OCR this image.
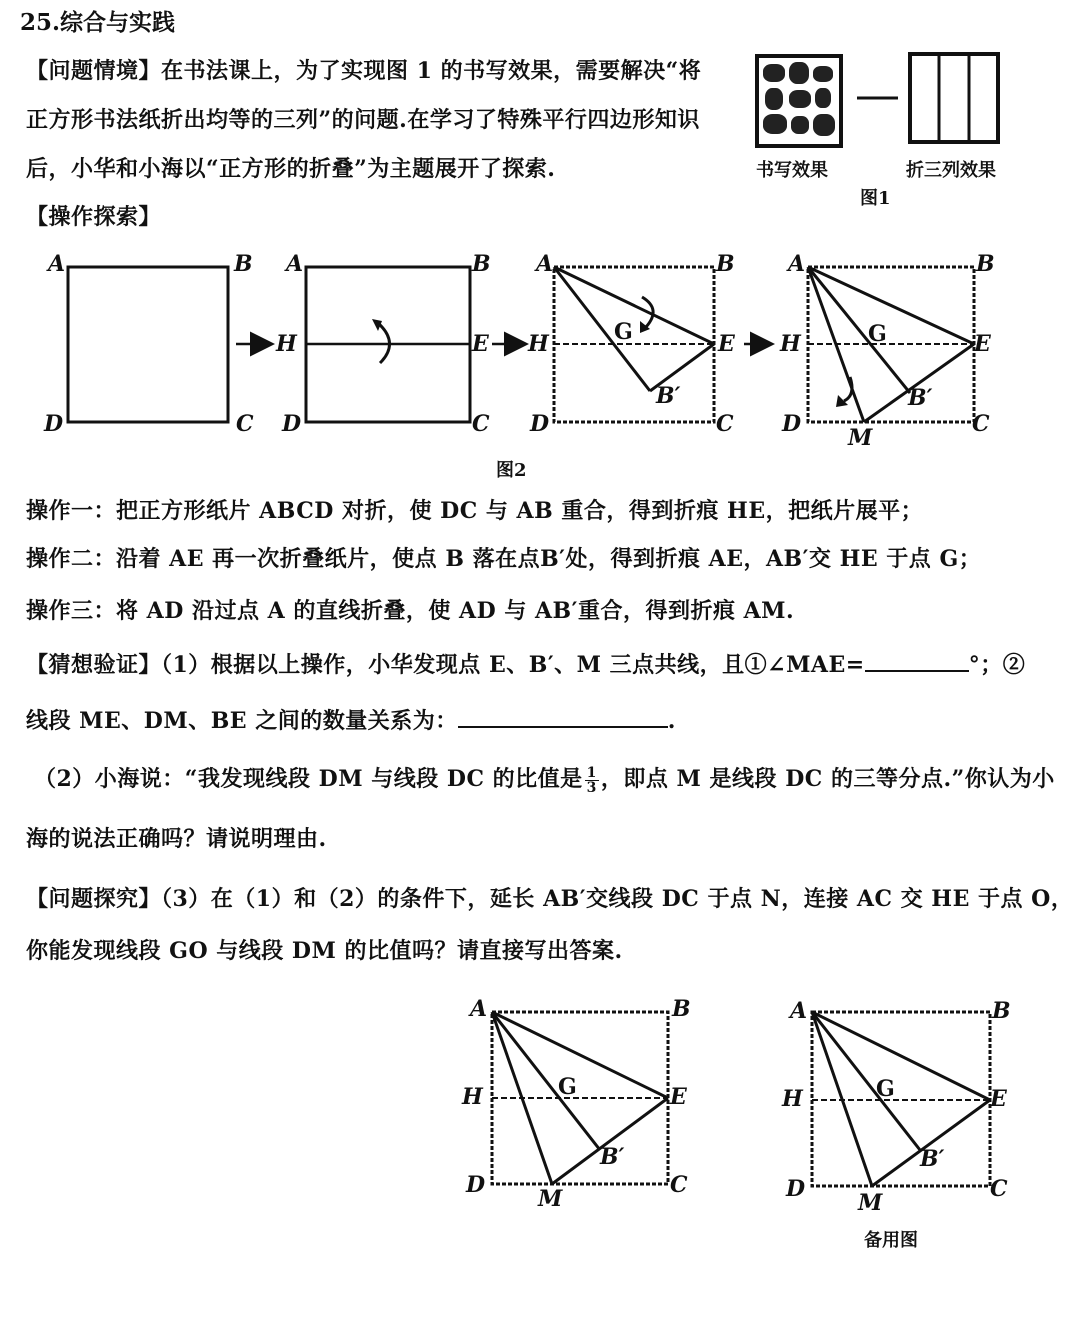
25.综合与实践
【问题情境】在书法课上，为了实现图 1 的书写效果，需要解决“将
正方形书法纸折出均等的三列”的问题.在学习了特殊平行四边形知识
后，小华和小海以“正方形的折叠”为主题展开了探索.
【操作探索】
书写效果	折三列效果
图1
A	B
D	C
A	B
H	E
D	C
A	B
H	E
G
B′
D	C
A	B
H	E
G
B′
D
M
C
图2
操作一：把正方形纸片 ABCD 对折，使 DC 与 AB 重合，得到折痕 HE，把纸片展平；
操作二：沿着 AE 再一次折叠纸片，使点 B 落在点B′处，得到折痕 AE，AB′交 HE 于点 G；
操作三：将 AD 沿过点 A 的直线折叠，使 AD 与 AB′重合，得到折痕 AM.
【猜想验证】（1）根据以上操作，小华发现点 E、B′、M 三点共线，且①∠MAE=	°；②
线段 ME、DM、BE 之间的数量关系为：	.
（2）小海说：“我发现线段 DM 与线段 DC 的比值是 $\frac{1}{3}$ ，即点 M 是线段 DC 的三等分点.”你认为小
海的说法正确吗？请说明理由.
【问题探究】（3）在（1）和（2）的条件下，延长 AB′交线段 DC 于点 N，连接 AC 交 HE 于点 O，
你能发现线段 GO 与线段 DM 的比值吗？请直接写出答案.
A	B
H	E
G
B′
D
M
C
A	B
H	E
G
B′
D
M
C
备用图
